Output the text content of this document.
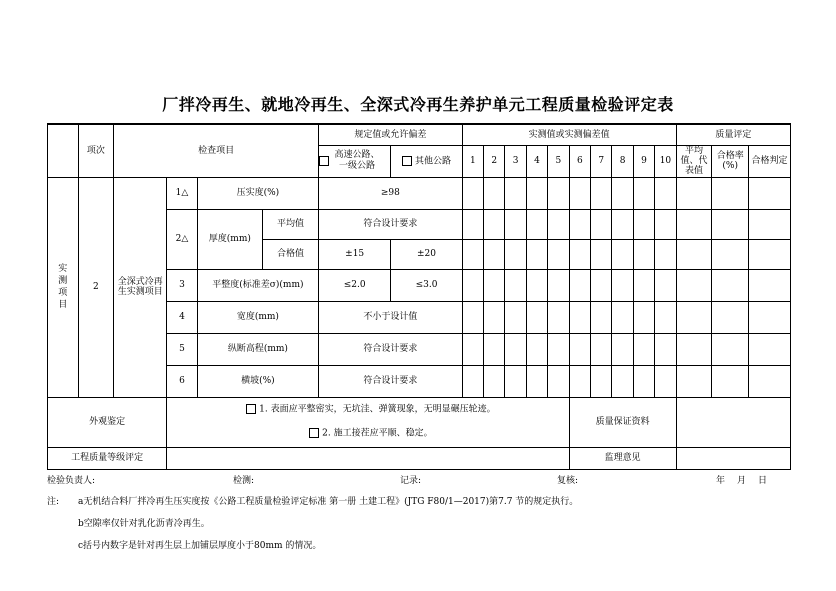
厂拌冷再生、就地冷再生、全深式冷再生养护单元工程质量检验评定表
	项次	检查项目				规定值或允许偏差		实测值或实测偏差值										质量评定		

						高速公路、一级公路	其他公路	1	2	3	4	5	6	7	8	9	10	平均值、代表值	合格率(%)	合格判定
实测项目	2	全深式冷再生实测项目	1△	压实度(%)		≥98														
			2△	厚度(mm)	平均值	符合设计要求														
					合格值	±15	±20													
			3	平整度(标准差σ)(mm)		≤2.0	≤3.0													
			4	宽度(mm)		不小于设计值														
			5	纵断高程(mm)		符合设计要求														
			6	横坡(%)		符合设计要求														
外观鉴定			1. 表面应平整密实，无坑洼、弹簧现象，无明显碾压轮迹。										质量保证资料							
			2. 施工接茬应平顺、稳定。																	
工程质量等级评定													监理意见							
检验负责人:	检测:	记录:	复核:	年 月 日
注: a无机结合料厂拌冷再生压实度按《公路工程质量检验评定标准 第一册 土建工程》(JTG F80/1—2017)第7.7 节的规定执行。
b空隙率仅针对乳化沥青冷再生。
c括号内数字是针对再生层上加铺层厚度小于80mm 的情况。
